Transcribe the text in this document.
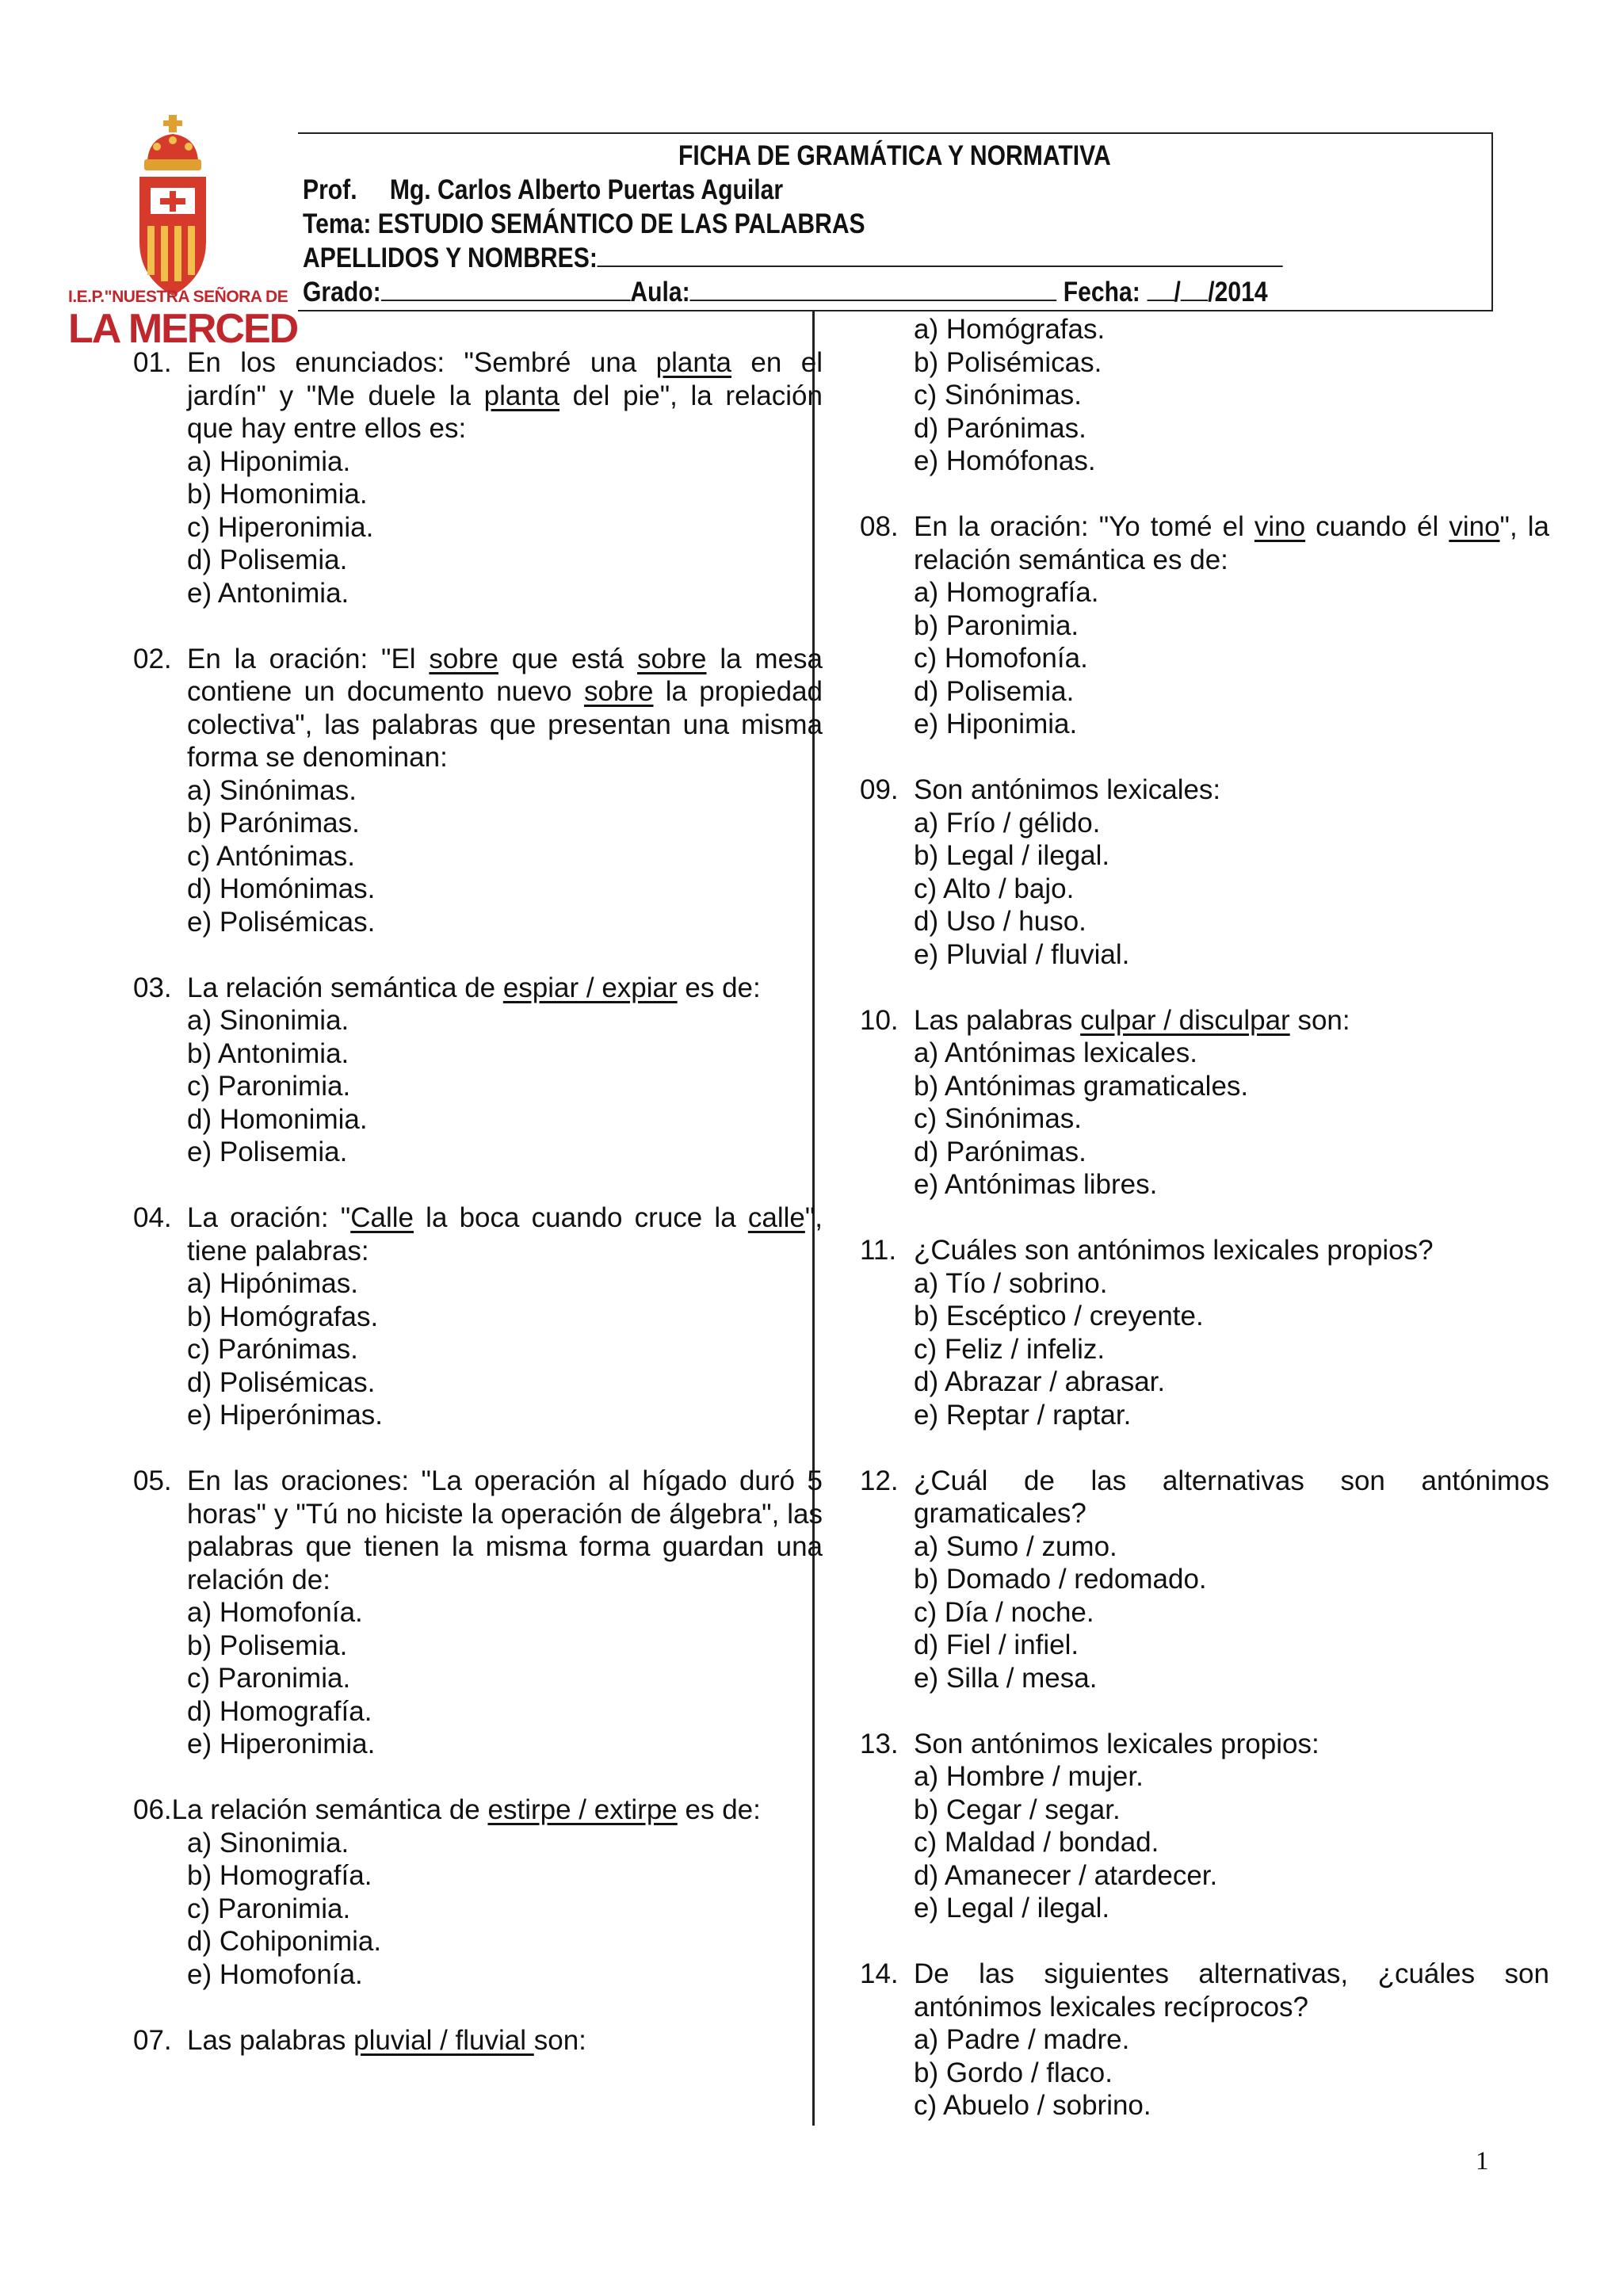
I.E.P."NUESTRA SEÑORA DE
LA MERCED
FICHA DE GRAMÁTICA Y NORMATIVA
Prof. Mg. Carlos Alberto Puertas Aguilar
Tema: ESTUDIO SEMÁNTICO DE LAS PALABRAS
APELLIDOS Y NOMBRES:
Grado:	Aula:	Fecha: / /2014
01. En los enunciados: "Sembré una planta en el jardín" y "Me duele la planta del pie", la relación que hay entre ellos es:
a) Hiponimia.
b) Homonimia.
c) Hiperonimia.
d) Polisemia.
e) Antonimia.
02. En la oración: "El sobre que está sobre la mesa contiene un documento nuevo sobre la propiedad colectiva", las palabras que presentan una misma forma se denominan:
a) Sinónimas.
b) Parónimas.
c) Antónimas.
d) Homónimas.
e) Polisémicas.
03. La relación semántica de espiar / expiar es de:
a) Sinonimia.
b) Antonimia.
c) Paronimia.
d) Homonimia.
e) Polisemia.
04. La oración: "Calle la boca cuando cruce la calle", tiene palabras:
a) Hipónimas.
b) Homógrafas.
c) Parónimas.
d) Polisémicas.
e) Hiperónimas.
05. En las oraciones: "La operación al hígado duró 5 horas" y "Tú no hiciste la operación de álgebra", las palabras que tienen la misma forma guardan una relación de:
a) Homofonía.
b) Polisemia.
c) Paronimia.
d) Homografía.
e) Hiperonimia.
06.La relación semántica de estirpe / extirpe es de:
a) Sinonimia.
b) Homografía.
c) Paronimia.
d) Cohiponimia.
e) Homofonía.
07. Las palabras pluvial / fluvial son:
a) Homógrafas.
b) Polisémicas.
c) Sinónimas.
d) Parónimas.
e) Homófonas.
08. En la oración: "Yo tomé el vino cuando él vino", la relación semántica es de:
a) Homografía.
b) Paronimia.
c) Homofonía.
d) Polisemia.
e) Hiponimia.
09. Son antónimos lexicales:
a) Frío / gélido.
b) Legal / ilegal.
c) Alto / bajo.
d) Uso / huso.
e) Pluvial / fluvial.
10. Las palabras culpar / disculpar son:
a) Antónimas lexicales.
b) Antónimas gramaticales.
c) Sinónimas.
d) Parónimas.
e) Antónimas libres.
11. ¿Cuáles son antónimos lexicales propios?
a) Tío / sobrino.
b) Escéptico / creyente.
c) Feliz / infeliz.
d) Abrazar / abrasar.
e) Reptar / raptar.
12. ¿Cuál de las alternativas son antónimos gramaticales?
a) Sumo / zumo.
b) Domado / redomado.
c) Día / noche.
d) Fiel / infiel.
e) Silla / mesa.
13. Son antónimos lexicales propios:
a) Hombre / mujer.
b) Cegar / segar.
c) Maldad / bondad.
d) Amanecer / atardecer.
e) Legal / ilegal.
14. De las siguientes alternativas, ¿cuáles son antónimos lexicales recíprocos?
a) Padre / madre.
b) Gordo / flaco.
c) Abuelo / sobrino.
1
